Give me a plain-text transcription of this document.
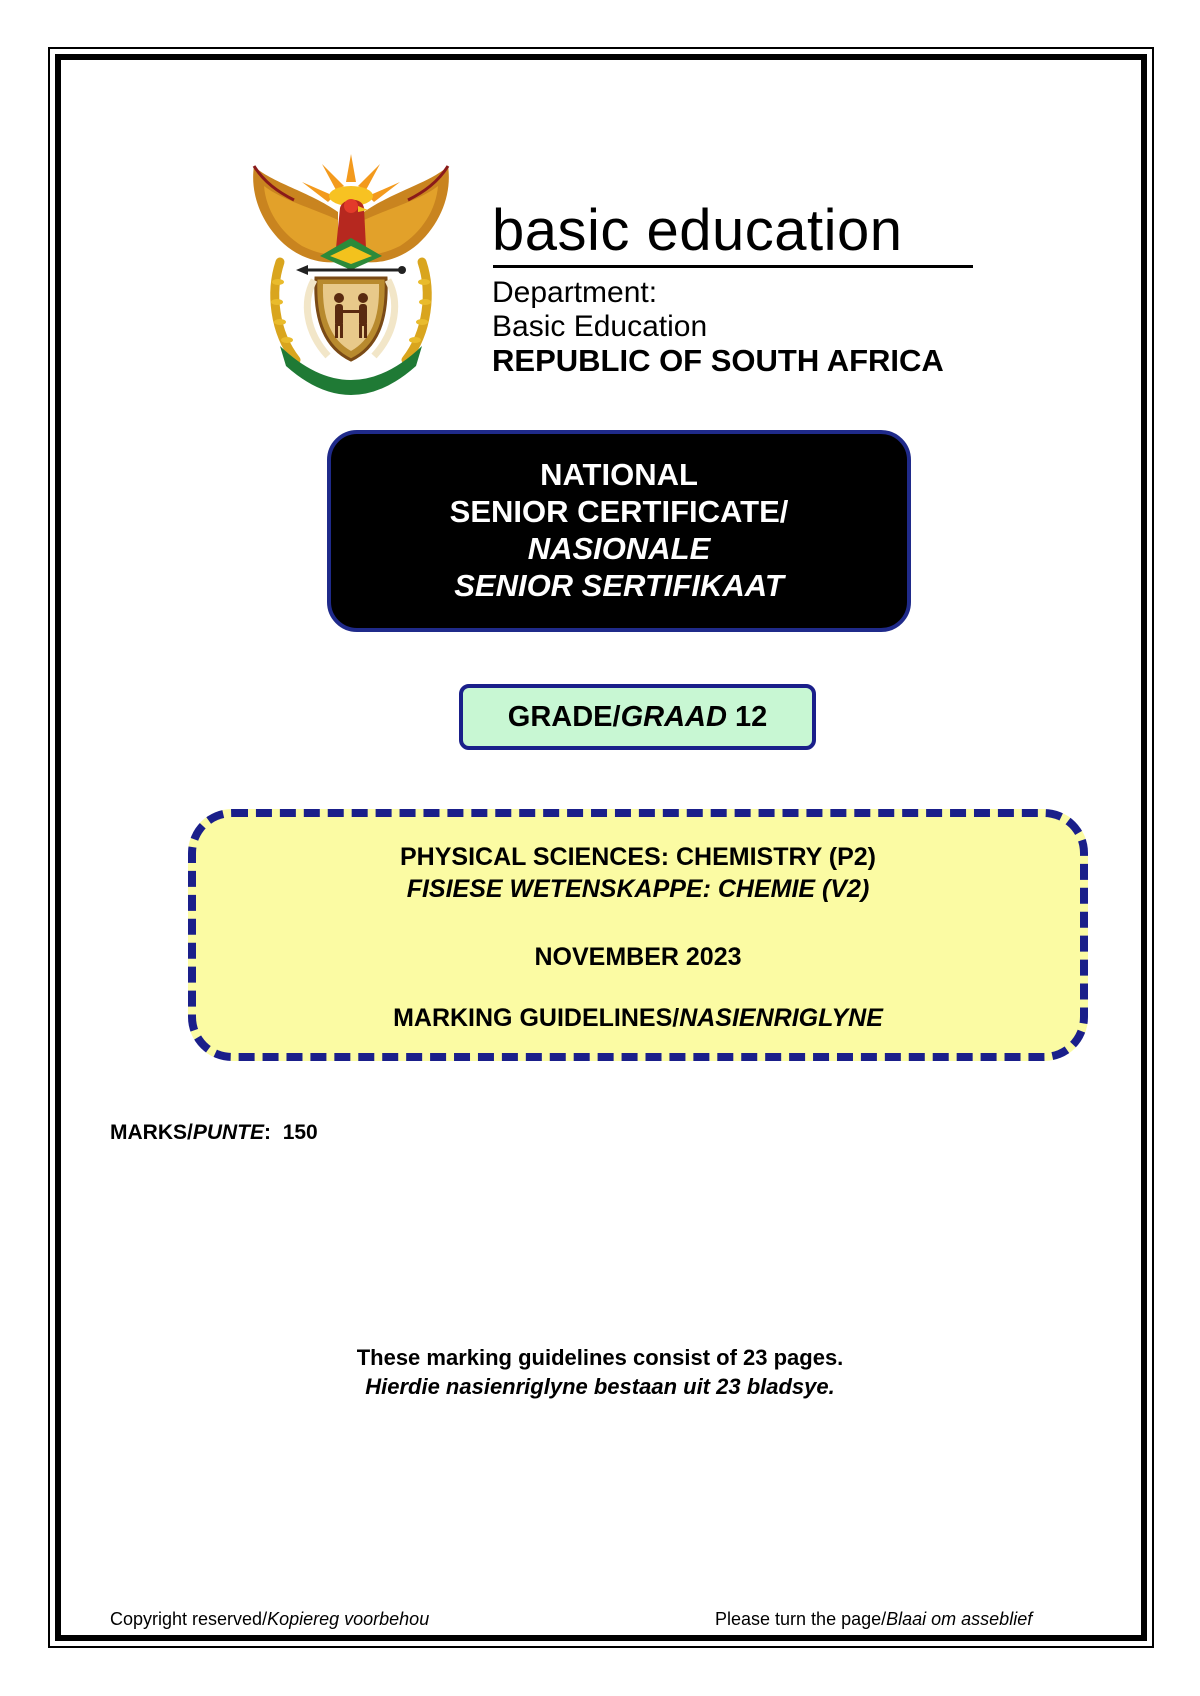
!KE E: /XARRA //KE
basic education
Department:
Basic Education
REPUBLIC OF SOUTH AFRICA
NATIONAL
SENIOR CERTIFICATE/
NASIONALE
SENIOR SERTIFIKAAT
GRADE/GRAAD 12
PHYSICAL SCIENCES: CHEMISTRY (P2)
FISIESE WETENSKAPPE: CHEMIE (V2)
NOVEMBER 2023
MARKING GUIDELINES/NASIENRIGLYNE
MARKS/PUNTE: 150
These marking guidelines consist of 23 pages.
Hierdie nasienriglyne bestaan uit 23 bladsye.
Copyright reserved/Kopiereg voorbehou	Please turn the page/Blaai om asseblief
